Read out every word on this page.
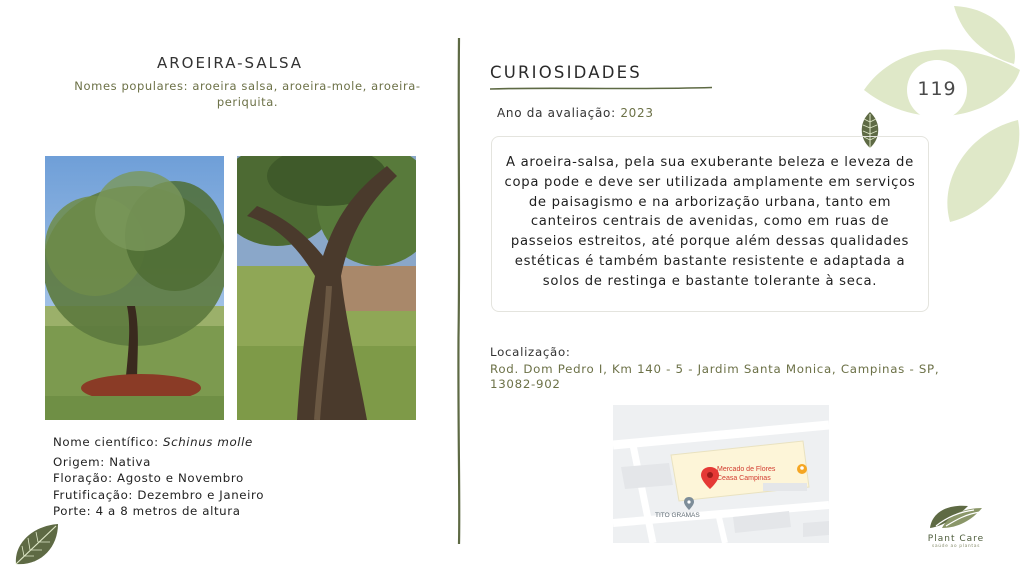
119
AROEIRA-SALSA
Nomes populares: aroeira salsa, aroeira-mole, aroeira-periquita.
Nome científico: Schinus molle
Origem: Nativa
Floração: Agosto e Novembro
Frutificação: Dezembro e Janeiro
Porte: 4 a 8 metros de altura
CURIOSIDADES
Ano da avaliação: 2023
A aroeira-salsa, pela sua exuberante beleza e leveza de copa pode e deve ser utilizada amplamente em serviços de paisagismo e na arborização urbana, tanto em canteiros centrais de avenidas, como em ruas de passeios estreitos, até porque além dessas qualidades estéticas é também bastante resistente e adaptada a solos de restinga e bastante tolerante à seca.
Localização:
Rod. Dom Pedro I, Km 140 - 5 - Jardim Santa Monica, Campinas - SP, 13082-902
Mercado de Flores
Ceasa Campinas
TITO GRAMAS
Plant Care
saúde ao plantas
